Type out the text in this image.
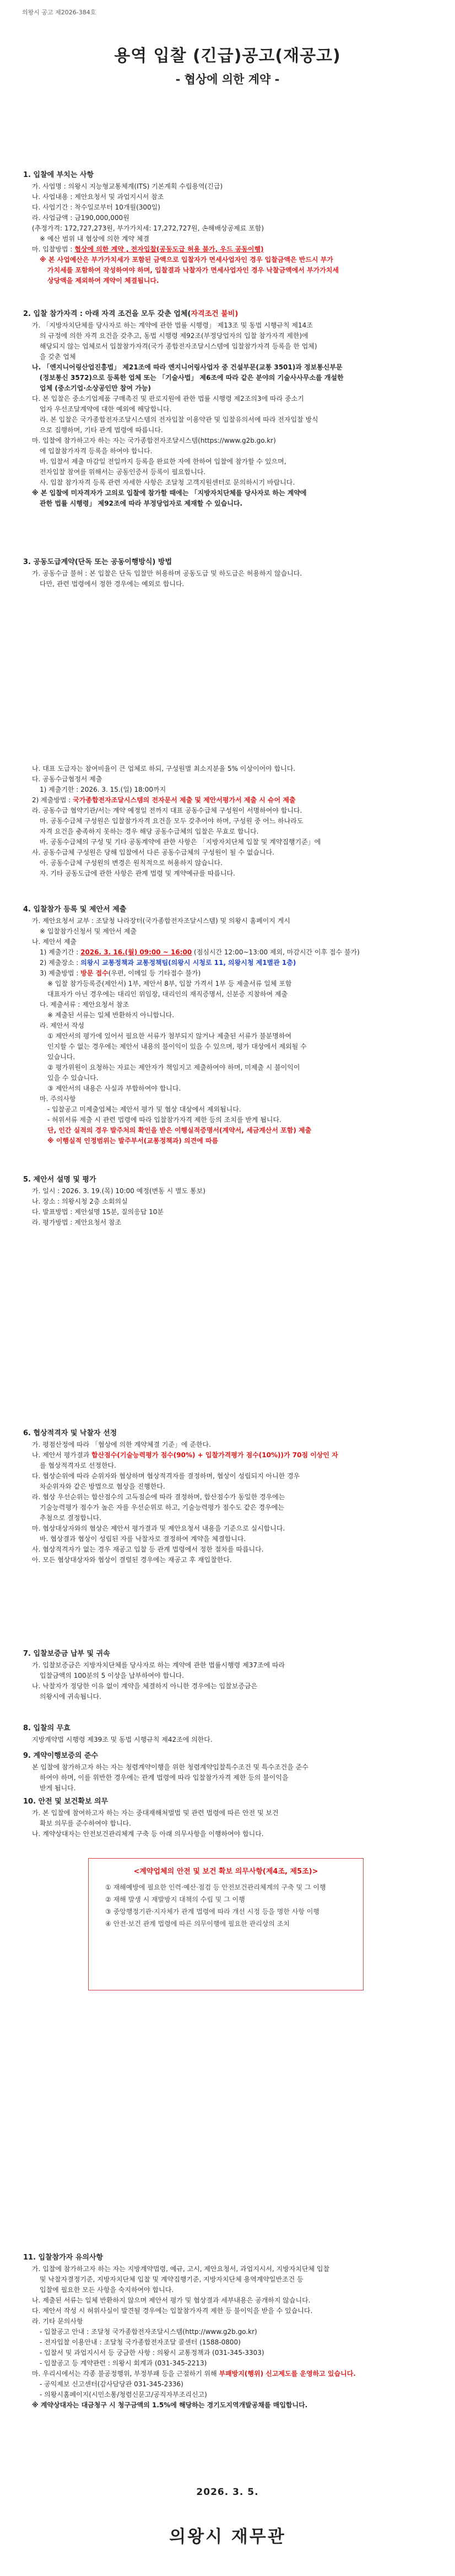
의왕시 공고 제2026-384호
용역 입찰 (긴급)공고(재공고)
- 협상에 의한 계약 -
1. 입찰에 부치는 사항
가. 사업명 : 의왕시 지능형교통체계(ITS) 기본계획 수립용역(긴급)
나. 사업내용 : 제안요청서 및 과업지시서 참조
다. 사업기간 : 착수일로부터 10개월(300일)
라. 사업금액 : 금190,000,000원
(추정가격: 172,727,273원, 부가가치세: 17,272,727원, 손해배상공제료 포함)
※ 예산 범위 내 협상에 의한 계약 체결
마. 입찰방법 : 협상에 의한 계약 , 전자입찰(공동도급 허용 불가, 우드 공동이행)
※ 본 사업예산은 부가가치세가 포함된 금액으로 입찰자가 면세사업자인 경우 입찰금액은 반드시 부가
가치세를 포함하여 작성하여야 하며, 입찰결과 낙찰자가 면세사업자인 경우 낙찰금액에서 부가가치세
상당액을 제외하여 계약이 체결됩니다.
2. 입찰 참가자격 : 아래 자격 조건을 모두 갖춘 업체(자격조건 불비)
가. 「지방자치단체를 당사자로 하는 계약에 관한 법률 시행령」 제13조 및 동법 시행규칙 제14조
의 규정에 의한 자격 요건을 갖추고, 동법 시행령 제92조(부정당업자의 입찰 참가자격 제한)에
해당되지 않는 업체로서 입찰참가자격(국가 종합전자조달시스템에 입찰참가자격 등록을 한 업체)
을 갖춘 업체
나. 「엔지니어링산업진흥법」 제21조에 따라 엔지니어링사업자 중 건설부문(교통 3501)과 정보통신부문
(정보통신 3572)으로 등록한 업체 또는 「기술사법」 제6조에 따라 같은 분야의 기술사사무소를 개설한
업체 (중소기업·소상공인만 참여 가능)
다. 본 입찰은 중소기업제품 구매촉진 및 판로지원에 관한 법률 시행령 제2조의3에 따라 중소기
업자 우선조달계약에 대한 예외에 해당합니다.
라. 본 입찰은 국가종합전자조달시스템의 전자입찰 이용약관 및 입찰유의서에 따라 전자입찰 방식
으로 집행하며, 기타 관계 법령에 따릅니다.
마. 입찰에 참가하고자 하는 자는 국가종합전자조달시스템(https://www.g2b.go.kr)
에 입찰참가자격 등록을 하여야 합니다.
바. 입찰서 제출 마감일 전일까지 등록을 완료한 자에 한하여 입찰에 참가할 수 있으며,
전자입찰 참여를 위해서는 공동인증서 등록이 필요합니다.
사. 입찰 참가자격 등록 관련 자세한 사항은 조달청 고객지원센터로 문의하시기 바랍니다.
※ 본 입찰에 미자격자가 고의로 입찰에 참가할 때에는 「지방자치단체를 당사자로 하는 계약에
관한 법률 시행령」 제92조에 따라 부정당업자로 제재할 수 있습니다.
3. 공동도급계약(단독 또는 공동이행방식) 방법
가. 공동수급 불허 : 본 입찰은 단독 입찰만 허용하며 공동도급 및 하도급은 허용하지 않습니다.
다만, 관련 법령에서 정한 경우에는 예외로 합니다.
나. 대표 도급자는 참여비율이 큰 업체로 하되, 구성원별 최소지분율 5% 이상이어야 합니다.
다. 공동수급협정서 제출
1) 제출기한 : 2026. 3. 15.(일) 18:00까지
2) 제출방법 : 국가종합전자조달시스템의 전자문서 제출 및 제안서평가서 제출 시 슈어 제출
라. 공동수급 협약기관/서는 계약 예정일 전까지 대표 공동수급체 구성원이 서명하여야 합니다.
마. 공동수급체 구성원은 입찰참가자격 요건을 모두 갖추어야 하며, 구성원 중 어느 하나라도
자격 요건을 충족하지 못하는 경우 해당 공동수급체의 입찰은 무효로 합니다.
바. 공동수급체의 구성 및 기타 공동계약에 관한 사항은 「지방자치단체 입찰 및 계약집행기준」에
사. 공동수급체 구성원은 당해 입찰에서 다른 공동수급체의 구성원이 될 수 없습니다.
아. 공동수급체 구성원의 변경은 원칙적으로 허용하지 않습니다.
자. 기타 공동도급에 관한 사항은 관계 법령 및 계약예규를 따릅니다.
4. 입찰참가 등록 및 제안서 제출
가. 제안요청서 교부 : 조달청 나라장터(국가종합전자조달시스템) 및 의왕시 홈페이지 게시
※ 입찰참가신청서 및 제안서 제출
나. 제안서 제출
1) 제출기간 : 2026. 3. 16.(월) 09:00 ~ 16:00 (점심시간 12:00~13:00 제외, 마감시간 이후 접수 불가)
2) 제출장소 : 의왕시 교통정책과 교통정책팀(의왕시 시청로 11, 의왕시청 제1별관 1층)
3) 제출방법 : 방문 접수(우편, 이메일 등 기타접수 불가)
※ 입찰 참가등록증(제안서) 1부, 제안서 8부, 입찰 가격서 1부 등 제출서류 일체 포함
대표자가 아닌 경우에는 대리인 위임장, 대리인의 재직증명서, 신분증 지참하여 제출
다. 제출서류 : 제안요청서 참조
※ 제출된 서류는 일체 반환하지 아니합니다.
라. 제안서 작성
① 제안서의 평가에 있어서 필요한 서류가 첨부되지 않거나 제출된 서류가 불분명하여
인지할 수 없는 경우에는 제안서 내용의 불이익이 있을 수 있으며, 평가 대상에서 제외될 수
있습니다.
② 평가위원이 요청하는 자료는 제안자가 책임지고 제출하여야 하며, 미제출 시 불이익이
있을 수 있습니다.
③ 제안서의 내용은 사실과 부합하여야 합니다.
마. 주의사항
- 입찰공고 미제출업체는 제안서 평가 및 협상 대상에서 제외됩니다.
- 허위서류 제출 시 관련 법령에 따라 입찰참가자격 제한 등의 조치를 받게 됩니다.
단, 인간 실적의 경우 발주처의 확인을 받은 이행실적증명서(계약서, 세금계산서 포함) 제출
※ 이행실적 인정범위는 발주부서(교통정책과) 의견에 따름
5. 제안서 설명 및 평가
가. 일시 : 2026. 3. 19.(목) 10:00 예정(변동 시 별도 통보)
나. 장소 : 의왕시청 2층 소회의실
다. 발표방법 : 제안설명 15분, 질의응답 10분
라. 평가방법 : 제안요청서 참조
6. 협상적격자 및 낙찰자 선정
가. 평점산정에 따라 「협상에 의한 계약체결 기준」에 준한다.
나. 제안서 평가결과 합산점수(기술능력평가 점수(90%) + 입찰가격평가 점수(10%))가 70점 이상인 자
를 협상적격자로 선정한다.
다. 협상순위에 따라 순위자와 협상하며 협상적격자를 결정하며, 협상이 성립되지 아니한 경우
차순위자와 같은 방법으로 협상을 진행한다.
라. 협상 우선순위는 합산점수의 고득점순에 따라 결정하며, 합산점수가 동일한 경우에는
기술능력평가 점수가 높은 자를 우선순위로 하고, 기술능력평가 점수도 같은 경우에는
추첨으로 결정합니다.
마. 협상대상자와의 협상은 제안서 평가결과 및 제안요청서 내용을 기준으로 실시합니다.
바. 협상결과 협상이 성립된 자를 낙찰자로 결정하여 계약을 체결합니다.
사. 협상적격자가 없는 경우 재공고 입찰 등 관계 법령에서 정한 절차를 따릅니다.
아. 모든 협상대상자와 협상이 결렬된 경우에는 재공고 후 재입찰한다.
7. 입찰보증금 납부 및 귀속
가. 입찰보증금은 지방자치단체를 당사자로 하는 계약에 관한 법률시행령 제37조에 따라
입찰금액의 100분의 5 이상을 납부하여야 합니다.
나. 낙찰자가 정당한 이유 없이 계약을 체결하지 아니한 경우에는 입찰보증금은
의왕시에 귀속됩니다.
8. 입찰의 무효
지방계약법 시행령 제39조 및 동법 시행규칙 제42조에 의한다.
9. 계약이행보증의 준수
본 입찰에 참가하고자 하는 자는 청렴계약이행을 위한 청렴계약입찰특수조건 및 특수조건을 준수
하여야 하며, 이를 위반한 경우에는 관계 법령에 따라 입찰참가자격 제한 등의 불이익을
받게 됩니다.
10. 안전 및 보건확보 의무
가. 본 입찰에 참여하고자 하는 자는 중대재해처벌법 및 관련 법령에 따른 안전 및 보건
확보 의무를 준수하여야 합니다.
나. 계약상대자는 안전보건관리체계 구축 등 아래 의무사항을 이행하여야 합니다.
<계약업체의 안전 및 보건 확보 의무사항(제4조, 제5조)>
① 재해예방에 필요한 인력·예산·점검 등 안전보건관리체계의 구축 및 그 이행
② 재해 발생 시 재발방지 대책의 수립 및 그 이행
③ 중앙행정기관·지자체가 관계 법령에 따라 개선 시정 등을 명한 사항 이행
④ 안전·보건 관계 법령에 따른 의무이행에 필요한 관리상의 조치
11. 입찰참가자 유의사항
가. 입찰에 참가하고자 하는 자는 지방계약법령, 예규, 고시, 제안요청서, 과업지시서, 지방자치단체 입찰
및 낙찰자결정기준, 지방자치단체 입찰 및 계약집행기준, 지방자치단체 용역계약일반조건 등
입찰에 필요한 모든 사항을 숙지하여야 합니다.
나. 제출된 서류는 일체 반환하지 않으며 제안서 평가 및 협상결과 세부내용은 공개하지 않습니다.
다. 제안서 작성 시 허위사실이 발견될 경우에는 입찰참가자격 제한 등 불이익을 받을 수 있습니다.
라. 기타 문의사항
- 입찰공고 안내 : 조달청 국가종합전자조달시스템(http://www.g2b.go.kr)
- 전자입찰 이용안내 : 조달청 국가종합전자조달 콜센터 (1588-0800)
- 입찰서 및 과업지시서 등 궁금한 사항 : 의왕시 교통정책과 (031-345-3303)
- 입찰공고 등 계약관련 : 의왕시 회계과 (031-345-2213)
마. 우리시에서는 각종 불공정행위, 부정부패 등을 근절하기 위해 부패방지(행위) 신고제도를 운영하고 있습니다.
- 공익제보 신고센터(감사담당관 031-345-2336)
- 의왕시홈페이지(시민소통/청렴신문고/공직자부조리신고)
※ 계약상대자는 대금청구 시 청구금액의 1.5%에 해당하는 경기도지역개발공채를 매입합니다.
2026. 3. 5.
의왕시 재무관
